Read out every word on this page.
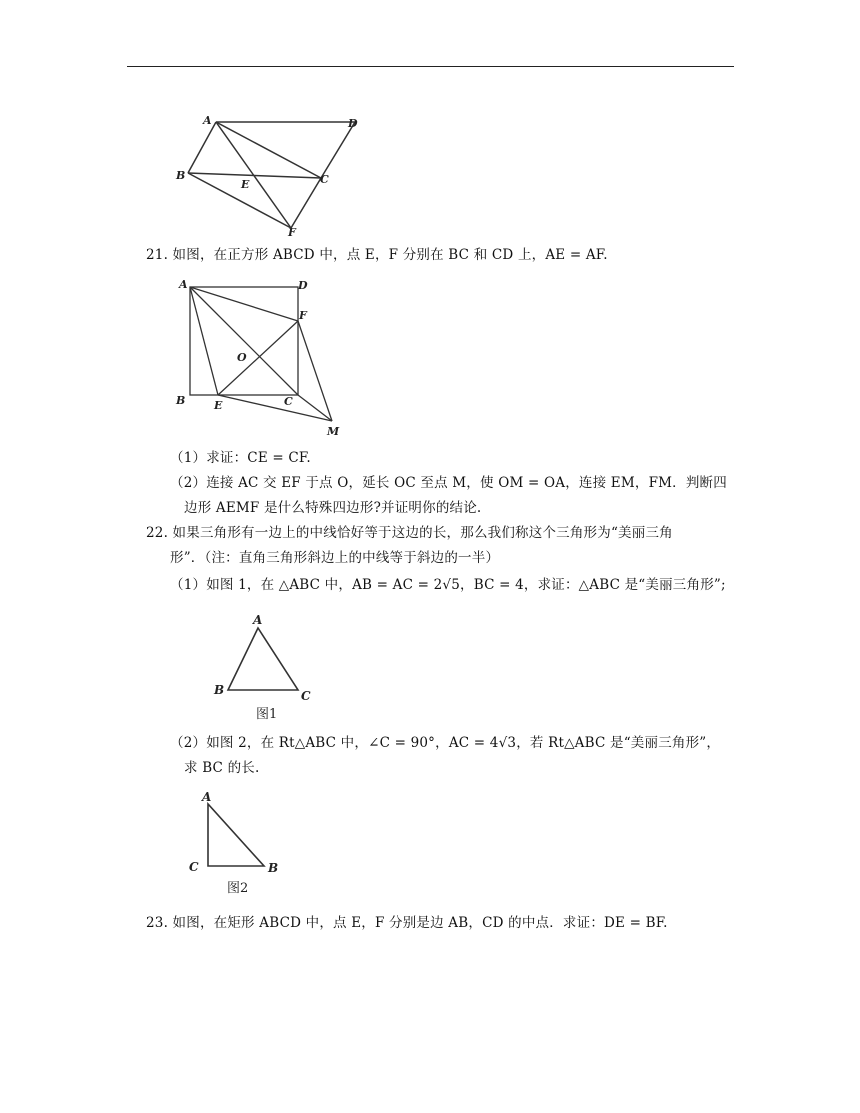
A	D
B
E	C
F
21. 如图，在正方形 ABCD 中，点 E，F 分别在 BC 和 CD 上，AE = AF.
A	D
F
O
B	E	C
M
（1）求证：CE = CF.
（2）连接 AC 交 EF 于点 O，延长 OC 至点 M，使 OM = OA，连接 EM，FM．判断四
边形 AEMF 是什么特殊四边形?并证明你的结论.
22. 如果三角形有一边上的中线恰好等于这边的长，那么我们称这个三角形为“美丽三角
形”．（注：直角三角形斜边上的中线等于斜边的一半）
（1）如图 1，在 △ABC 中，AB = AC = 2√5，BC = 4，求证：△ABC 是“美丽三角形”;
A
B	C
图1
（2）如图 2，在 Rt△ABC 中，∠C = 90°，AC = 4√3，若 Rt△ABC 是“美丽三角形”，
求 BC 的长.
A
C	B
图2
23. 如图，在矩形 ABCD 中，点 E，F 分别是边 AB，CD 的中点．求证：DE = BF.
